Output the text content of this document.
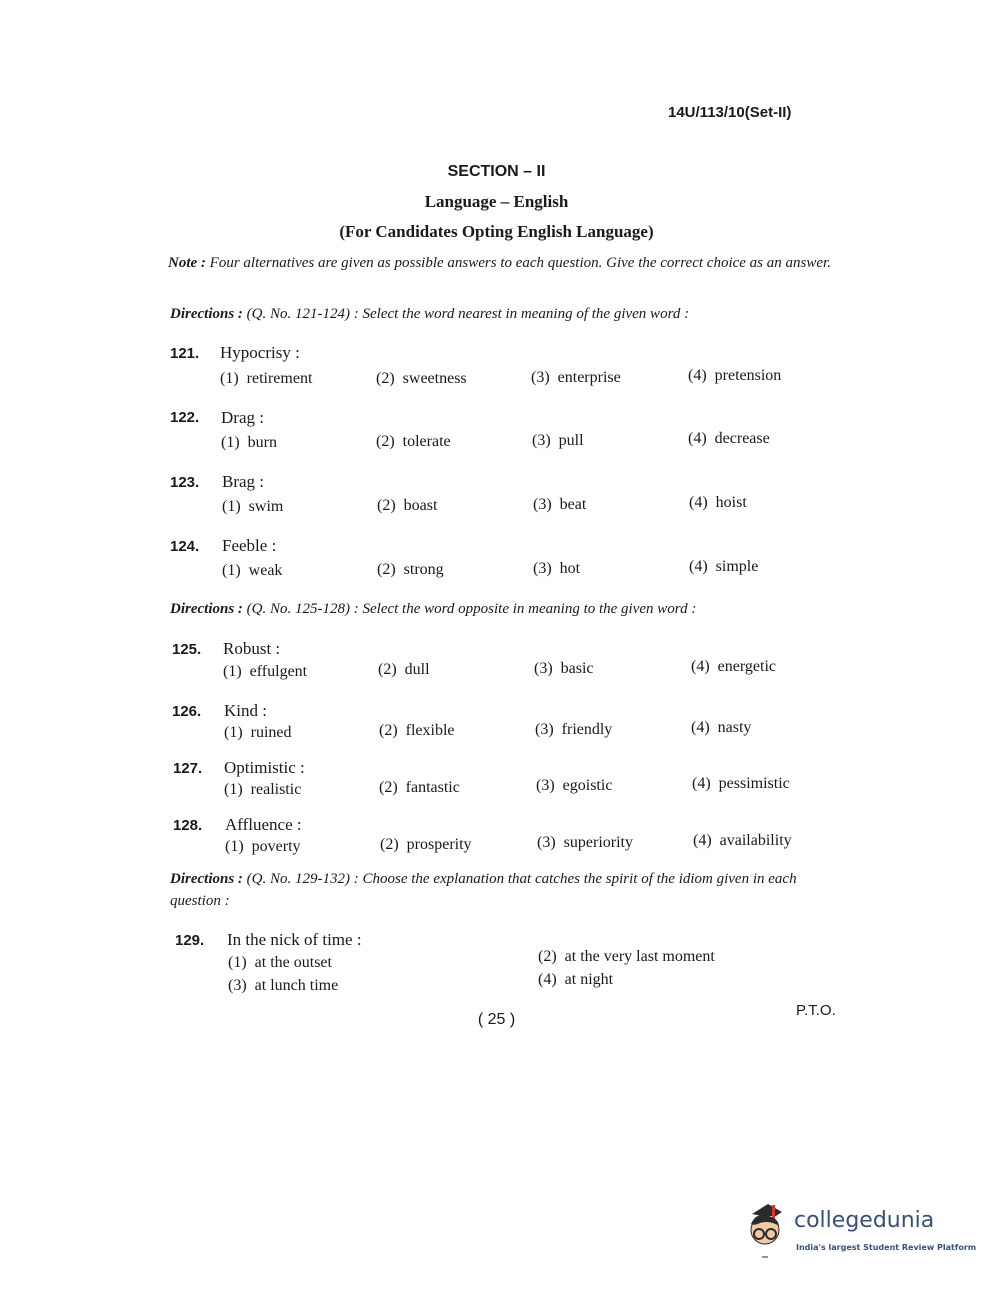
14U/113/10(Set-II)
SECTION – II
Language – English
(For Candidates Opting English Language)
Note : Four alternatives are given as possible answers to each question. Give the correct choice as an answer.
Directions : (Q. No. 121-124) : Select the word nearest in meaning of the given word :
121. Hypocrisy :
(1) retirement	(2) sweetness	(3) enterprise	(4) pretension
122. Drag :
(1) burn	(2) tolerate	(3) pull	(4) decrease
123. Brag :
(1) swim	(2) boast	(3) beat	(4) hoist
124. Feeble :
(1) weak	(2) strong	(3) hot	(4) simple
Directions : (Q. No. 125-128) : Select the word opposite in meaning to the given word :
125. Robust :
(1) effulgent	(2) dull	(3) basic	(4) energetic
126. Kind :
(1) ruined	(2) flexible	(3) friendly	(4) nasty
127. Optimistic :
(1) realistic	(2) fantastic	(3) egoistic	(4) pessimistic
128. Affluence :
(1) poverty	(2) prosperity	(3) superiority	(4) availability
Directions : (Q. No. 129-132) : Choose the explanation that catches the spirit of the idiom given in each question :
129. In the nick of time :
(1) at the outset	(2) at the very last moment
(3) at lunch time	(4) at night
( 25 )
P.T.O.
collegedunia
India's largest Student Review Platform
